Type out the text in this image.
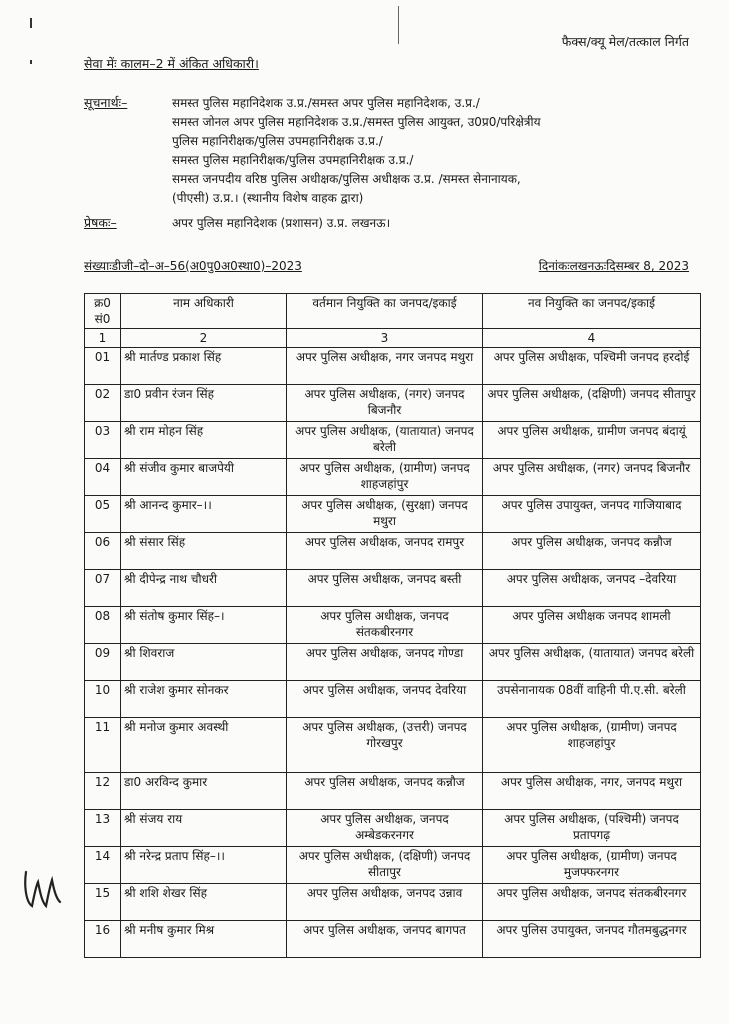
फैक्स/क्यू मेल/तत्काल निर्गत
सेवा मेंः कालम–2 में अंकित अधिकारी।
सूचनार्थः–	समस्त पुलिस महानिदेशक उ.प्र./समस्त अपर पुलिस महानिदेशक, उ.प्र./
समस्त जोनल अपर पुलिस महानिदेशक उ.प्र./समस्त पुलिस आयुक्त, उ0प्र0/परिक्षेत्रीय
पुलिस महानिरीक्षक/पुलिस उपमहानिरीक्षक उ.प्र./
समस्त पुलिस महानिरीक्षक/पुलिस उपमहानिरीक्षक उ.प्र./
समस्त जनपदीय वरिष्ठ पुलिस अधीक्षक/पुलिस अधीक्षक उ.प्र. /समस्त सेनानायक,
(पीएसी) उ.प्र.। (स्थानीय विशेष वाहक द्वारा)
प्रेषकः–	अपर पुलिस महानिदेशक (प्रशासन) उ.प्र. लखनऊ।
संख्याःडीजी–दो–अ–56(अ0पु0अ0स्था0)–2023	दिनांकःलखनऊःदिसम्बर 8, 2023
क्र0 सं0	नाम अधिकारी	वर्तमान नियुक्ति का जनपद/इकाई	नव नियुक्ति का जनपद/इकाई
1	2	3	4
01	श्री मार्तण्ड प्रकाश सिंह	अपर पुलिस अधीक्षक, नगर जनपद मथुरा	अपर पुलिस अधीक्षक, पश्चिमी जनपद हरदोई
02	डा0 प्रवीन रंजन सिंह	अपर पुलिस अधीक्षक, (नगर) जनपद बिजनौर	अपर पुलिस अधीक्षक, (दक्षिणी) जनपद सीतापुर
03	श्री राम मोहन सिंह	अपर पुलिस अधीक्षक, (यातायात) जनपद बरेली	अपर पुलिस अधीक्षक, ग्रामीण जनपद बंदायूं
04	श्री संजीव कुमार बाजपेयी	अपर पुलिस अधीक्षक, (ग्रामीण) जनपद शाहजहांपुर	अपर पुलिस अधीक्षक, (नगर) जनपद बिजनौर
05	श्री आनन्द कुमार–।।	अपर पुलिस अधीक्षक, (सुरक्षा) जनपद मथुरा	अपर पुलिस उपायुक्त, जनपद गाजियाबाद
06	श्री संसार सिंह	अपर पुलिस अधीक्षक, जनपद रामपुर	अपर पुलिस अधीक्षक, जनपद कन्नौज
07	श्री दीपेन्द्र नाथ चौधरी	अपर पुलिस अधीक्षक, जनपद बस्ती	अपर पुलिस अधीक्षक, जनपद –देवरिया
08	श्री संतोष कुमार सिंह–।	अपर पुलिस अधीक्षक, जनपद संतकबीरनगर	अपर पुलिस अधीक्षक जनपद शामली
09	श्री शिवराज	अपर पुलिस अधीक्षक, जनपद गोण्डा	अपर पुलिस अधीक्षक, (यातायात) जनपद बरेली
10	श्री राजेश कुमार सोनकर	अपर पुलिस अधीक्षक, जनपद देवरिया	उपसेनानायक 08वीं वाहिनी पी.ए.सी. बरेली
11	श्री मनोज कुमार अवस्थी	अपर पुलिस अधीक्षक, (उत्तरी) जनपद गोरखपुर	अपर पुलिस अधीक्षक, (ग्रामीण) जनपद शाहजहांपुर
12	डा0 अरविन्द कुमार	अपर पुलिस अधीक्षक, जनपद कन्नौज	अपर पुलिस अधीक्षक, नगर, जनपद मथुरा
13	श्री संजय राय	अपर पुलिस अधीक्षक, जनपद अम्बेडकरनगर	अपर पुलिस अधीक्षक, (पश्चिमी) जनपद प्रतापगढ़
14	श्री नरेन्द्र प्रताप सिंह–।।	अपर पुलिस अधीक्षक, (दक्षिणी) जनपद सीतापुर	अपर पुलिस अधीक्षक, (ग्रामीण) जनपद मुजफ्फरनगर
15	श्री शशि शेखर सिंह	अपर पुलिस अधीक्षक, जनपद उन्नाव	अपर पुलिस अधीक्षक, जनपद संतकबीरनगर
16	श्री मनीष कुमार मिश्र	अपर पुलिस अधीक्षक, जनपद बागपत	अपर पुलिस उपायुक्त, जनपद गौतमबुद्धनगर
